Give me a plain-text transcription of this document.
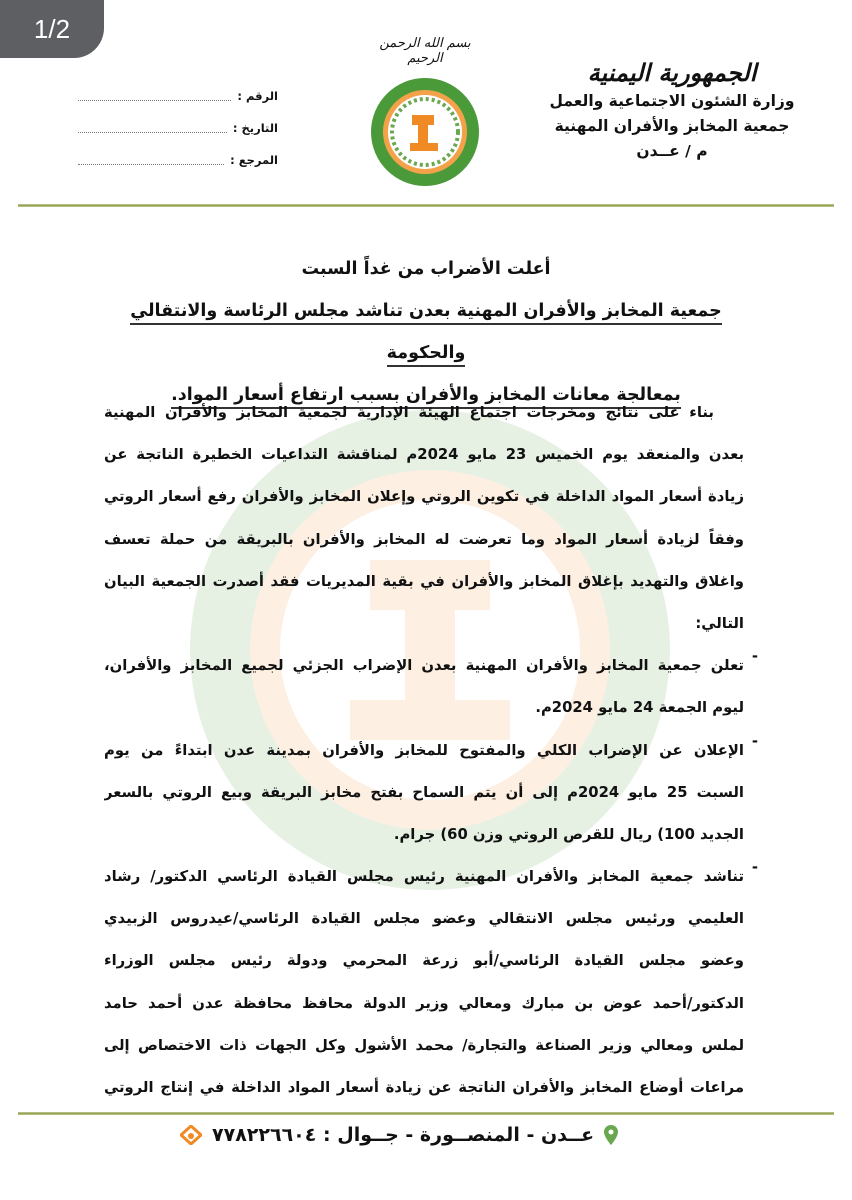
1/2
الجمهورية اليمنية
وزارة الشئون الاجتماعية والعمل
جمعية المخابز والأفران المهنية
م / عــدن
بسم الله الرحمن الرحيم
الرقم :
التاريخ :
المرجع :
أعلت الأضراب من غداً السبت
جمعية المخابز والأفران المهنية بعدن تناشد مجلس الرئاسة والانتقالي والحكومة
بمعالجة معانات المخابز والأفران بسبب ارتفاع أسعار المواد.
بناء على نتائج ومخرجات اجتماع الهيئة الإدارية لجمعية المخابز والأفران المهنية
بعدن والمنعقد يوم الخميس 23 مايو 2024م لمناقشة التداعيات الخطيرة الناتجة عن
زيادة أسعار المواد الداخلة في تكوين الروتي وإعلان المخابز والأفران رفع أسعار الروتي
وفقاً لزيادة أسعار المواد وما تعرضت له المخابز والأفران بالبريقة من حملة تعسف
واغلاق والتهديد بإغلاق المخابز والأفران في بقية المديريات فقد أصدرت الجمعية البيان
التالي:
-
تعلن جمعية المخابز والأفران المهنية بعدن الإضراب الجزئي لجميع المخابز والأفران،
ليوم الجمعة 24 مايو 2024م.
-
الإعلان عن الإضراب الكلي والمفتوح للمخابز والأفران بمدينة عدن ابتداءً من يوم
السبت 25 مايو 2024م إلى أن يتم السماح بفتح مخابز البريقة وبيع الروتي بالسعر
الجديد 100) ريال للقرص الروتي وزن 60) جرام.
-
تناشد جمعية المخابز والأفران المهنية رئيس مجلس القيادة الرئاسي الدكتور/ رشاد
العليمي ورئيس مجلس الانتقالي وعضو مجلس القيادة الرئاسي/عيدروس الزبيدي
وعضو مجلس القيادة الرئاسي/أبو زرعة المحرمي ودولة رئيس مجلس الوزراء
الدكتور/أحمد عوض بن مبارك ومعالي وزير الدولة محافظ محافظة عدن أحمد حامد
لملس ومعالي وزير الصناعة والتجارة/ محمد الأشول وكل الجهات ذات الاختصاص إلى
مراعات أوضاع المخابز والأفران الناتجة عن زيادة أسعار المواد الداخلة في إنتاج الروتي
عــدن - المنصــورة - جــوال : ٧٧٨٢٢٦٦٠٤
